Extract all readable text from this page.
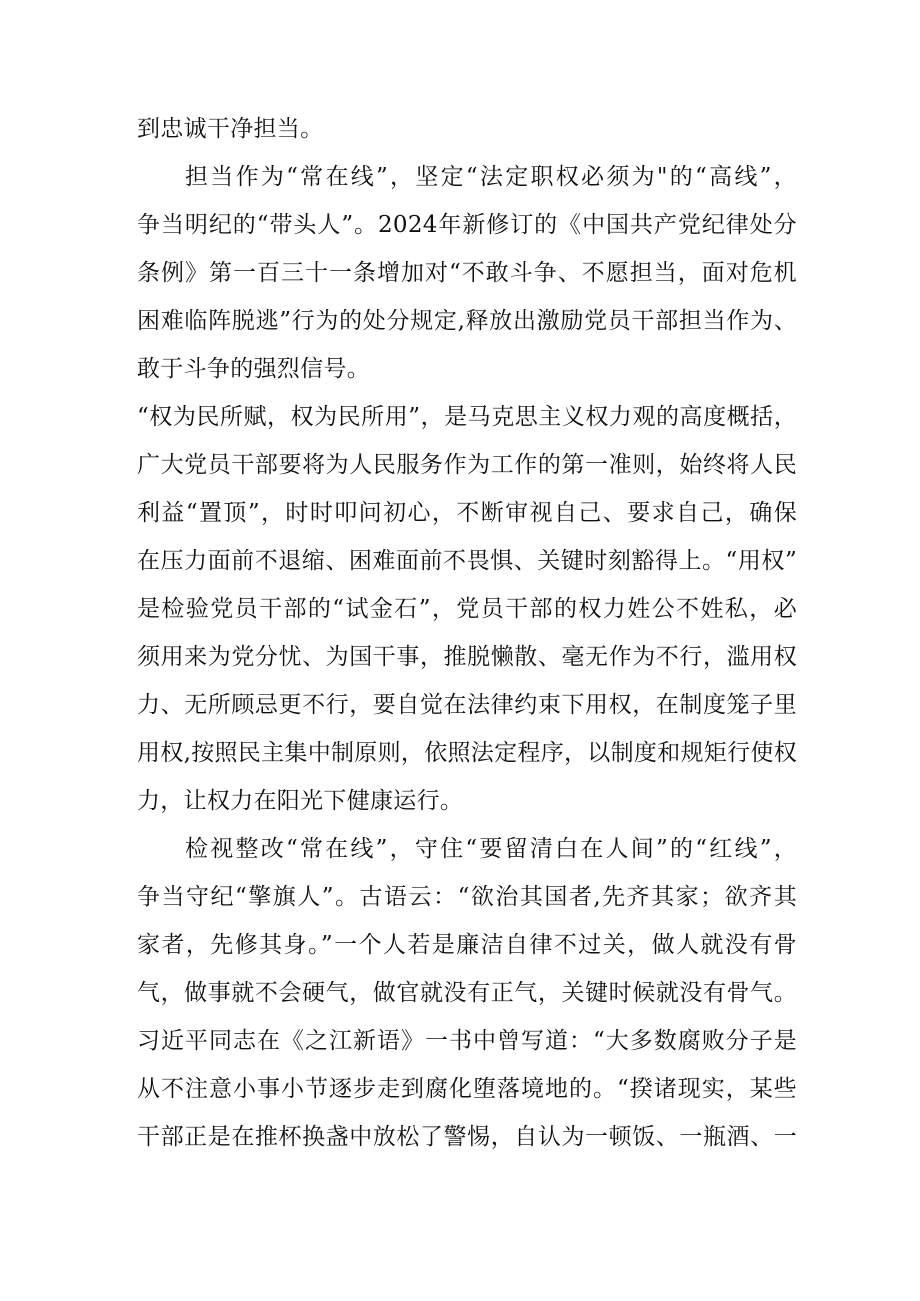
到忠诚干净担当。
担当作为“常在线”，坚定“法定职权必须为"的“高线”，
争当明纪的“带头人”。2024年新修订的《中国共产党纪律处分
条例》第一百三十一条增加对“不敢斗争、不愿担当，面对危机
困难临阵脱逃”行为的处分规定,释放出激励党员干部担当作为、
敢于斗争的强烈信号。
“权为民所赋，权为民所用”，是马克思主义权力观的高度概括，
广大党员干部要将为人民服务作为工作的第一准则，始终将人民
利益“置顶”，时时叩问初心，不断审视自己、要求自己，确保
在压力面前不退缩、困难面前不畏惧、关键时刻豁得上。“用权”
是检验党员干部的“试金石”，党员干部的权力姓公不姓私，必
须用来为党分忧、为国干事，推脱懒散、毫无作为不行，滥用权
力、无所顾忌更不行，要自觉在法律约束下用权，在制度笼子里
用权,按照民主集中制原则，依照法定程序，以制度和规矩行使权
力，让权力在阳光下健康运行。
检视整改“常在线”，守住“要留清白在人间”的“红线”，
争当守纪“擎旗人”。古语云：“欲治其国者,先齐其家；欲齐其
家者，先修其身。”一个人若是廉洁自律不过关，做人就没有骨
气，做事就不会硬气，做官就没有正气，关键时候就没有骨气。
习近平同志在《之江新语》一书中曾写道：“大多数腐败分子是
从不注意小事小节逐步走到腐化堕落境地的。“揆诸现实，某些
干部正是在推杯换盏中放松了警惕，自认为一顿饭、一瓶酒、一
